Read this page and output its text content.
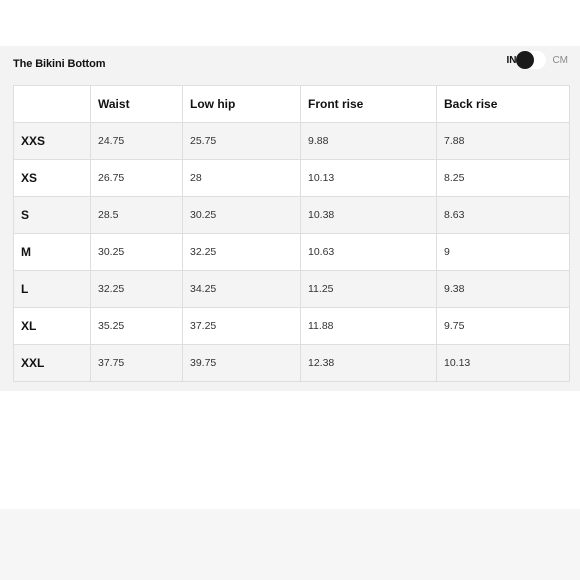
The Bikini Bottom	IN	CM
	Waist	Low hip	Front rise	Back rise
XXS	24.75	25.75	9.88	7.88
XS	26.75	28	10.13	8.25
S	28.5	30.25	10.38	8.63
M	30.25	32.25	10.63	9
L	32.25	34.25	11.25	9.38
XL	35.25	37.25	11.88	9.75
XXL	37.75	39.75	12.38	10.13
